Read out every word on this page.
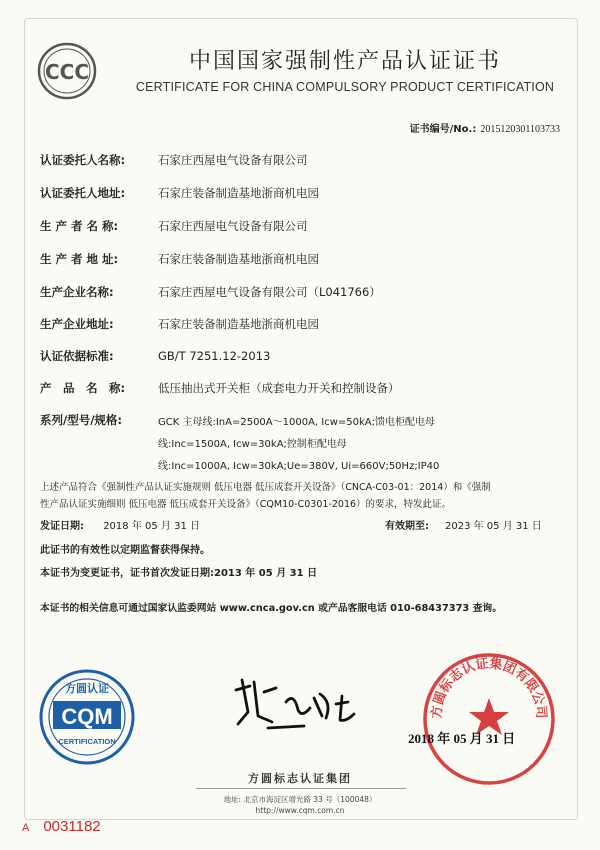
CCC	中国国家强制性产品认证证书
CERTIFICATE FOR CHINA COMPULSORY PRODUCT CERTIFICATION
证书编号/No.: 2015120301103733
认证委托人名称:	石家庄西屋电气设备有限公司
认证委托人地址:	石家庄装备制造基地浙商机电园
生 产 者 名 称:	石家庄西屋电气设备有限公司
生 产 者 地 址:	石家庄装备制造基地浙商机电园
生产企业名称:	石家庄西屋电气设备有限公司（L041766）
生产企业地址:	石家庄装备制造基地浙商机电园
认证依据标准:	GB/T 7251.12-2013
产　品　名　称:	低压抽出式开关柜（成套电力开关和控制设备）
系列/型号/规格:	GCK 主母线:InA=2500A～1000A, Icw=50kA;馈电柜配电母
线:Inc=1500A, Icw=30kA;控制柜配电母
线:Inc=1000A, Icw=30kA;Ue=380V, Ui=660V;50Hz;IP40
上述产品符合《强制性产品认证实施规则 低压电器 低压成套开关设备》（CNCA-C03-01：2014）和《强制
性产品认证实施细则 低压电器 低压成套开关设备》（CQM10-C0301-2016）的要求，特发此证。
发证日期: 2018 年 05 月 31 日	有效期至: 2023 年 05 月 31 日
此证书的有效性以定期监督获得保持。
本证书为变更证书，证书首次发证日期:2013 年 05 月 31 日
本证书的相关信息可通过国家认监委网站 www.cnca.gov.cn 或产品客服电话 010-68437373 查询。
方圆认证
CQM
CERTIFICATION
方圆标志认证集团有限公司
2018 年 05 月 31 日
方圆标志认证集团
地址: 北京市海淀区增光路 33 号（100048）
http://www.cqm.com.cn
A 0031182
